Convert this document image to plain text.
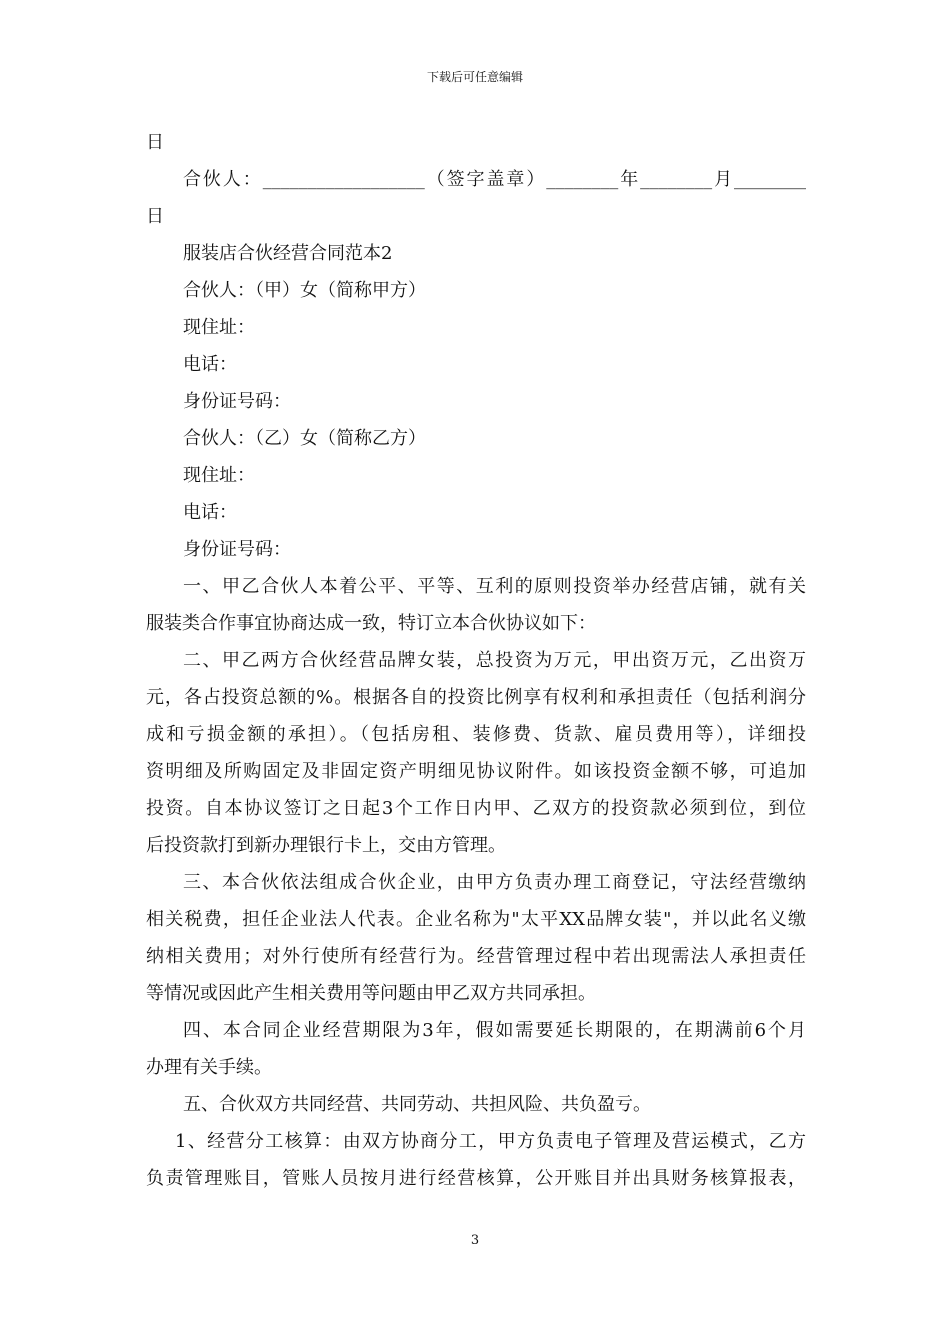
下载后可任意编辑

日

合伙人：__________________（签字盖章）________年________月________

日

服装店合伙经营合同范本2

合伙人：（甲）女（简称甲方）

现住址：

电话：

身份证号码：

合伙人：（乙）女（简称乙方）

现住址：

电话：

身份证号码：

一、甲乙合伙人本着公平、平等、互利的原则投资举办经营店铺，就有关

服装类合作事宜协商达成一致，特订立本合伙协议如下：

二、甲乙两方合伙经营品牌女装，总投资为万元，甲出资万元，乙出资万

元，各占投资总额的%。根据各自的投资比例享有权利和承担责任（包括利润分

成和亏损金额的承担）。（包括房租、装修费、货款、雇员费用等），详细投

资明细及所购固定及非固定资产明细见协议附件。如该投资金额不够，可追加

投资。自本协议签订之日起3个工作日内甲、乙双方的投资款必须到位，到位

后投资款打到新办理银行卡上，交由方管理。

三、本合伙依法组成合伙企业，由甲方负责办理工商登记，守法经营缴纳

相关税费，担任企业法人代表。企业名称为"太平XX品牌女装"，并以此名义缴

纳相关费用；对外行使所有经营行为。经营管理过程中若出现需法人承担责任

等情况或因此产生相关费用等问题由甲乙双方共同承担。

四、本合同企业经营期限为3年，假如需要延长期限的，在期满前6个月

办理有关手续。

五、合伙双方共同经营、共同劳动、共担风险、共负盈亏。

1、经营分工核算：由双方协商分工，甲方负责电子管理及营运模式，乙方

负责管理账目，管账人员按月进行经营核算，公开账目并出具财务核算报表，

3
